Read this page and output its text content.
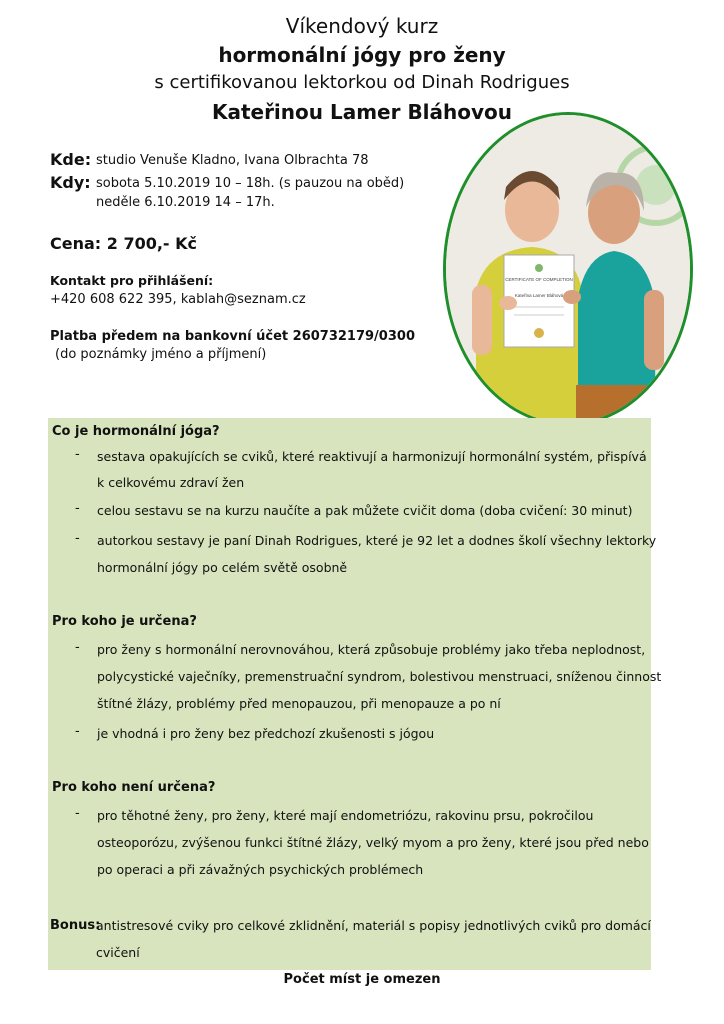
Víkendový kurz
hormonální jógy pro ženy
s certifikovanou lektorkou od Dinah Rodrigues
Kateřinou Lamer Bláhovou
Kde: studio Venuše Kladno, Ivana Olbrachta 78
Kdy: sobota 5.10.2019 10 – 18h. (s pauzou na oběd)
neděle 6.10.2019 14 – 17h.
Cena: 2 700,- Kč
Kontakt pro přihlášení:
+420 608 622 395, kablah@seznam.cz
Platba předem na bankovní účet 260732179/0300
(do poznámky jméno a příjmení)
CERTIFICATE OF COMPLETION
Kateřina Lamer Bláhová
Co je hormonální jóga?
- sestava opakujících se cviků, které reaktivují a harmonizují hormonální systém, přispívá
k celkovému zdraví žen
- celou sestavu se na kurzu naučíte a pak můžete cvičit doma (doba cvičení: 30 minut)
- autorkou sestavy je paní Dinah Rodrigues, které je 92 let a dodnes školí všechny lektorky
hormonální jógy po celém světě osobně
Pro koho je určena?
- pro ženy s hormonální nerovnováhou, která způsobuje problémy jako třeba neplodnost,
polycystické vaječníky, premenstruační syndrom, bolestivou menstruaci, sníženou činnost
štítné žlázy, problémy před menopauzou, při menopauze a po ní
- je vhodná i pro ženy bez předchozí zkušenosti s jógou
Pro koho není určena?
- pro těhotné ženy, pro ženy, které mají endometriózu, rakovinu prsu, pokročilou
osteoporózu, zvýšenou funkci štítné žlázy, velký myom a pro ženy, které jsou před nebo
po operaci a při závažných psychických problémech
Bonus:
antistresové cviky pro celkové zklidnění, materiál s popisy jednotlivých cviků pro domácí
cvičení
Počet míst je omezen
